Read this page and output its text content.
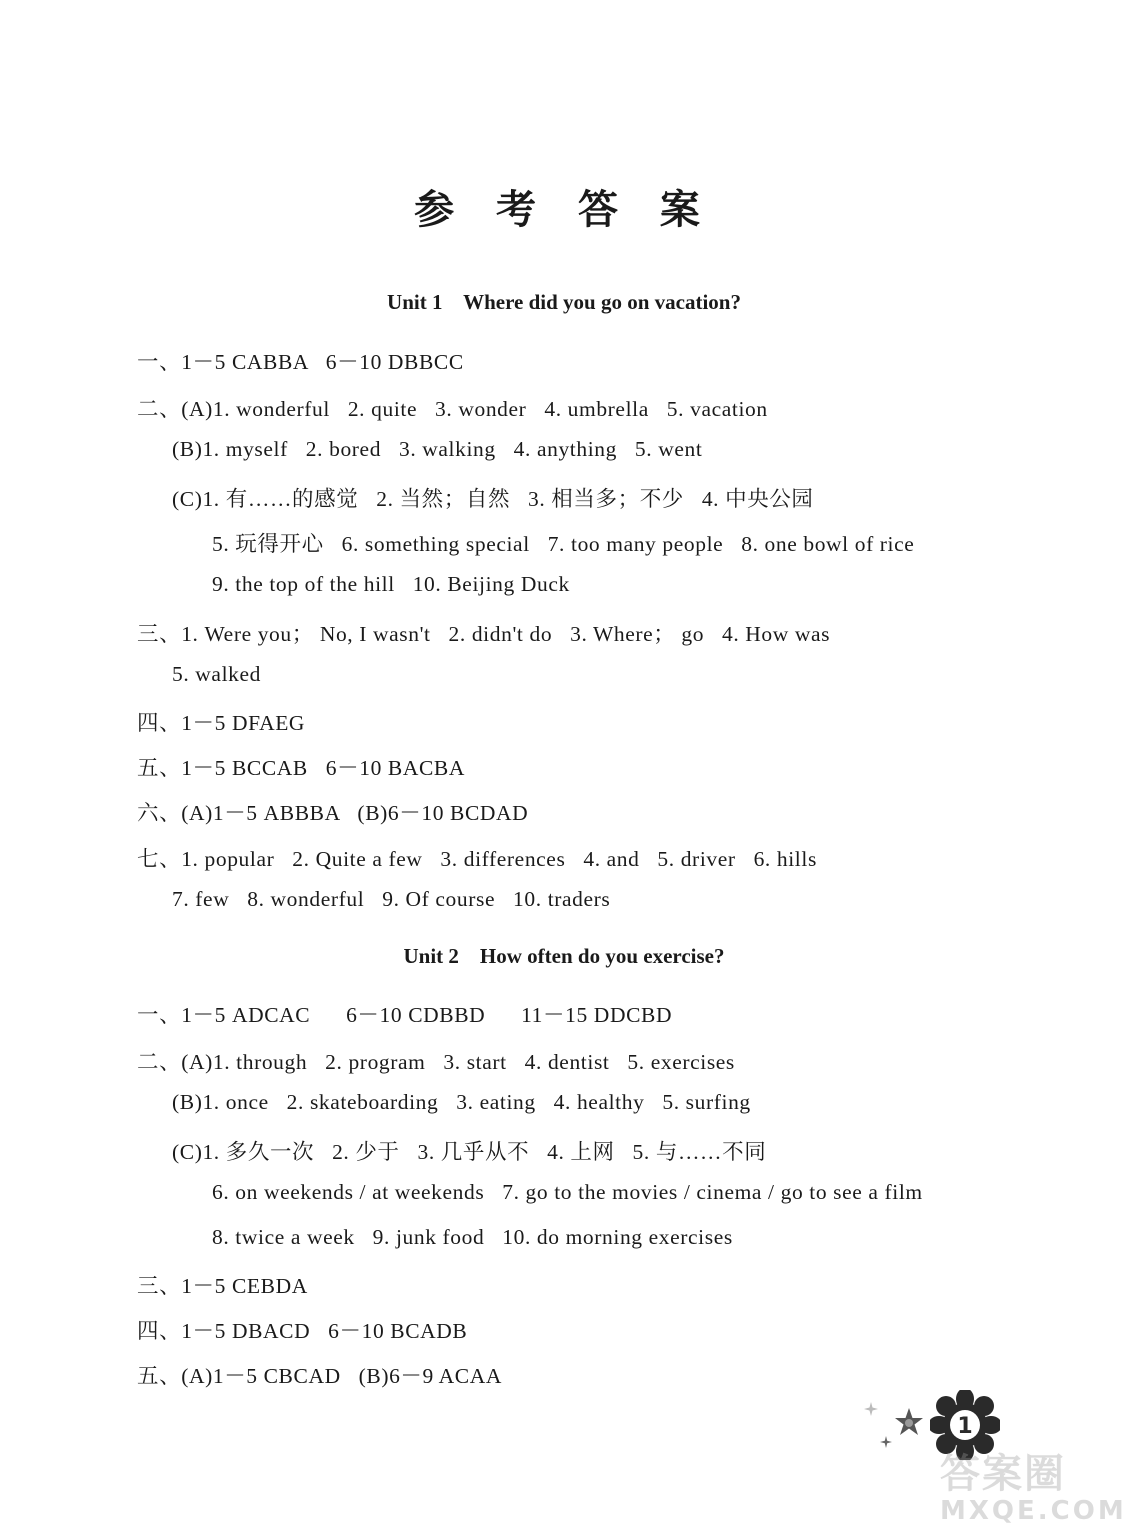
参 考 答 案
Unit 1    Where did you go on vacation?

一、1－5 CABBA   6－10 DBBCC

二、(A)1. wonderful   2. quite   3. wonder   4. umbrella   5. vacation

(B)1. myself   2. bored   3. walking   4. anything   5. went

(C)1. 有……的感觉   2. 当然；自然   3. 相当多；不少   4. 中央公园

5. 玩得开心   6. something special   7. too many people   8. one bowl of rice

9. the top of the hill   10. Beijing Duck

三、1. Were you； No, I wasn't   2. didn't do   3. Where； go   4. How was

5. walked

四、1－5 DFAEG

五、1－5 BCCAB   6－10 BACBA

六、(A)1－5 ABBBA   (B)6－10 BCDAD

七、1. popular   2. Quite a few   3. differences   4. and   5. driver   6. hills

7. few   8. wonderful   9. Of course   10. traders

Unit 2    How often do you exercise?

一、1－5 ADCAC      6－10 CDBBD      11－15 DDCBD

二、(A)1. through   2. program   3. start   4. dentist   5. exercises

(B)1. once   2. skateboarding   3. eating   4. healthy   5. surfing

(C)1. 多久一次   2. 少于   3. 几乎从不   4. 上网   5. 与……不同

6. on weekends / at weekends   7. go to the movies / cinema / go to see a film

8. twice a week   9. junk food   10. do morning exercises

三、1－5 CEBDA

四、1－5 DBACD   6－10 BCADB

五、(A)1－5 CBCAD   (B)6－9 ACAA

1
答案圈
MXQE.COM
